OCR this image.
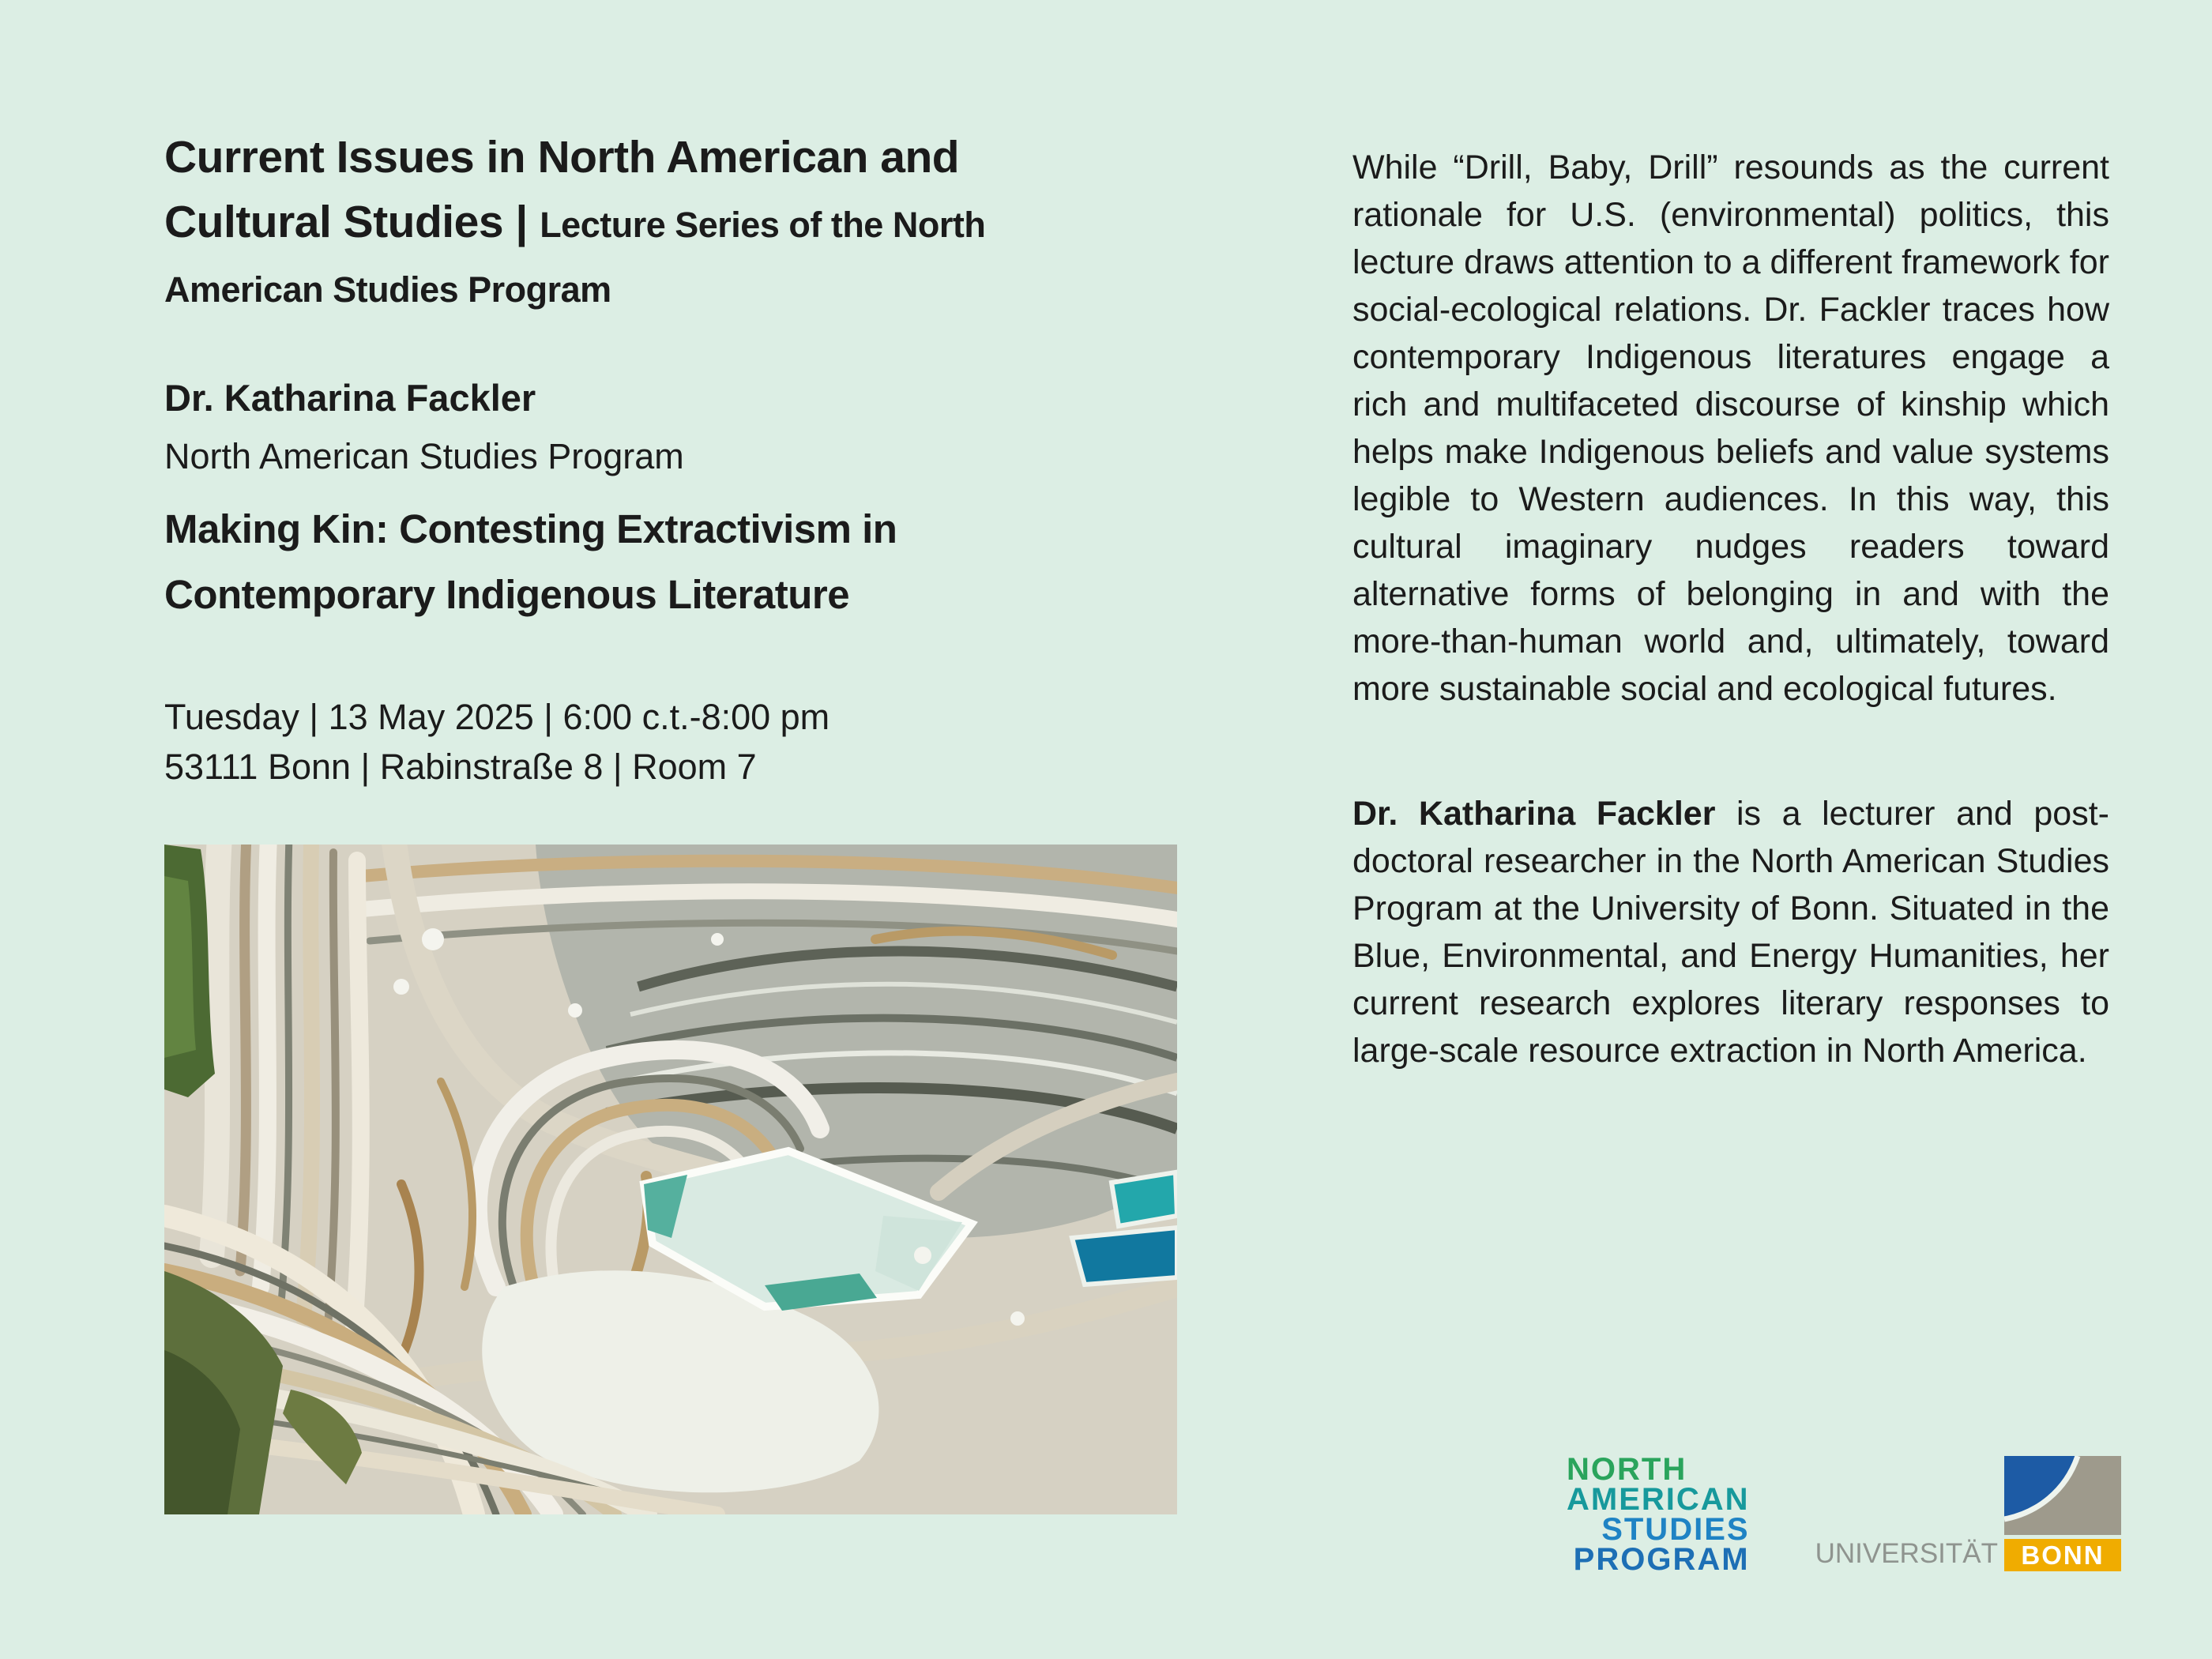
Current Issues in North American and
Cultural Studies | Lecture Series of the North
American Studies Program
Dr. Katharina Fackler
North American Studies Program
Making Kin: Contesting Extractivism in Contemporary Indigenous Literature
Tuesday | 13 May 2025 | 6:00 c.t.-8:00 pm
53111 Bonn | Rabinstraße 8 | Room 7
While “Drill, Baby, Drill” resounds as the current rationale for U.S. (environmental) politics, this lecture draws attention to a different framework for social-ecological relations. Dr. Fackler traces how contemporary Indigenous literatures engage a rich and multifaceted discourse of kinship which helps make Indigenous beliefs and value systems legible to Western audiences. In this way, this cultural imaginary nudges readers toward alternative forms of belonging in and with the more-than-human world and, ultimately, toward more sustainable social and ecological futures.
Dr. Katharina Fackler is a lecturer and post-doctoral researcher in the North American Studies Program at the University of Bonn. Situated in the Blue, Environmental, and Energy Humanities, her current research explores literary responses to large-scale resource extraction in North America.
NORTH
AMERICAN
STUDIES
PROGRAM UNIVERSITÄT BONN
